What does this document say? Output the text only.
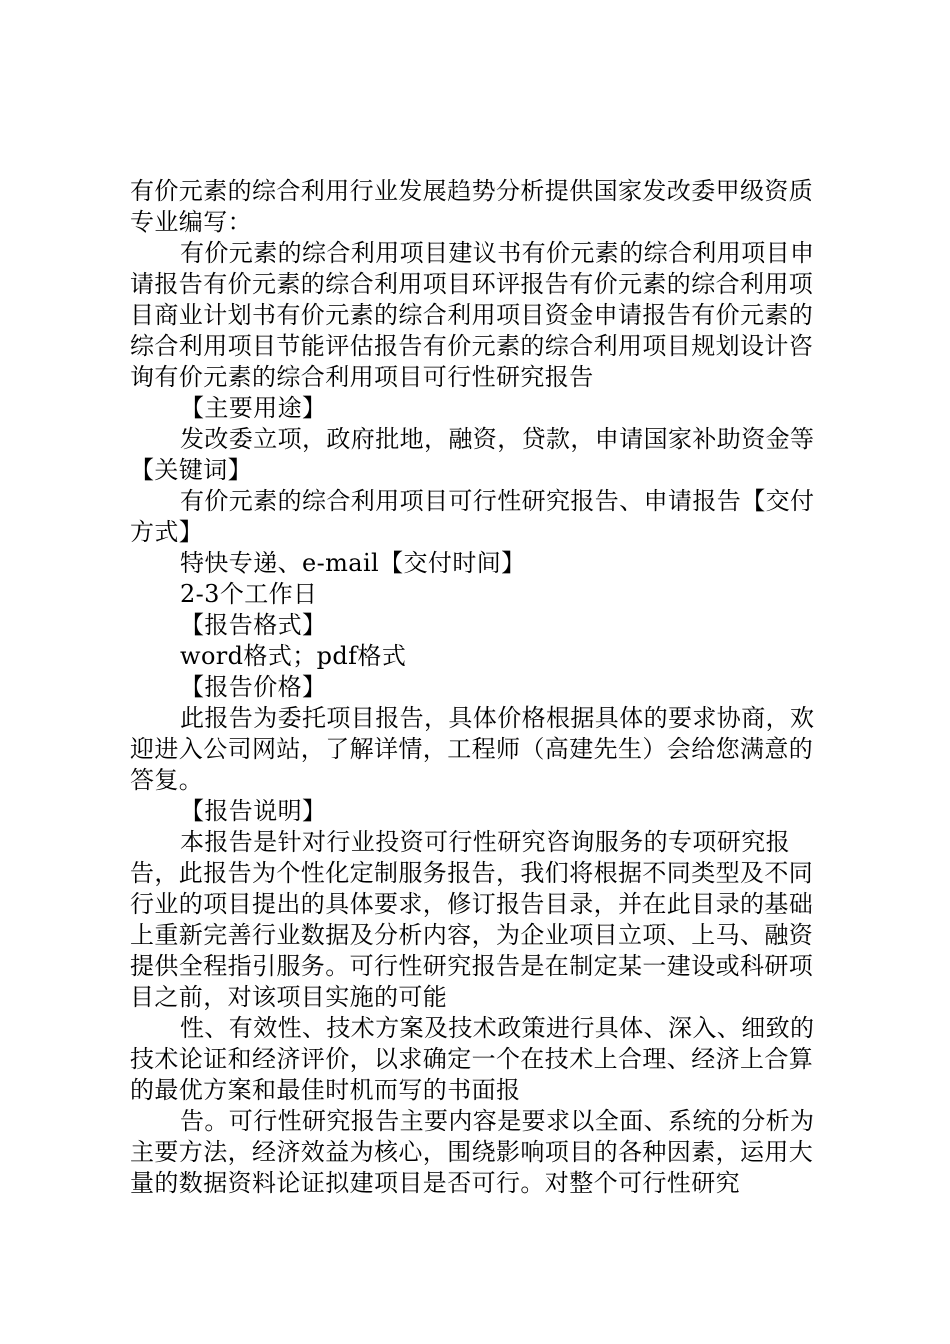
有价元素的综合利用行业发展趋势分析提供国家发改委甲级资质专业编写：

有价元素的综合利用项目建议书有价元素的综合利用项目申请报告有价元素的综合利用项目环评报告有价元素的综合利用项目商业计划书有价元素的综合利用项目资金申请报告有价元素的综合利用项目节能评估报告有价元素的综合利用项目规划设计咨询有价元素的综合利用项目可行性研究报告

【主要用途】

发改委立项，政府批地，融资，贷款，申请国家补助资金等【关键词】

有价元素的综合利用项目可行性研究报告、申请报告【交付方式】

特快专递、e-mail【交付时间】

2-3个工作日

【报告格式】

word格式；pdf格式

【报告价格】

此报告为委托项目报告，具体价格根据具体的要求协商，欢迎进入公司网站，了解详情，工程师（高建先生）会给您满意的答复。

【报告说明】

本报告是针对行业投资可行性研究咨询服务的专项研究报告，此报告为个性化定制服务报告，我们将根据不同类型及不同行业的项目提出的具体要求，修订报告目录，并在此目录的基础上重新完善行业数据及分析内容，为企业项目立项、上马、融资提供全程指引服务。可行性研究报告是在制定某一建设或科研项目之前，对该项目实施的可能

性、有效性、技术方案及技术政策进行具体、深入、细致的技术论证和经济评价，以求确定一个在技术上合理、经济上合算的最优方案和最佳时机而写的书面报

告。可行性研究报告主要内容是要求以全面、系统的分析为主要方法，经济效益为核心，围绕影响项目的各种因素，运用大量的数据资料论证拟建项目是否可行。对整个可行性研究
